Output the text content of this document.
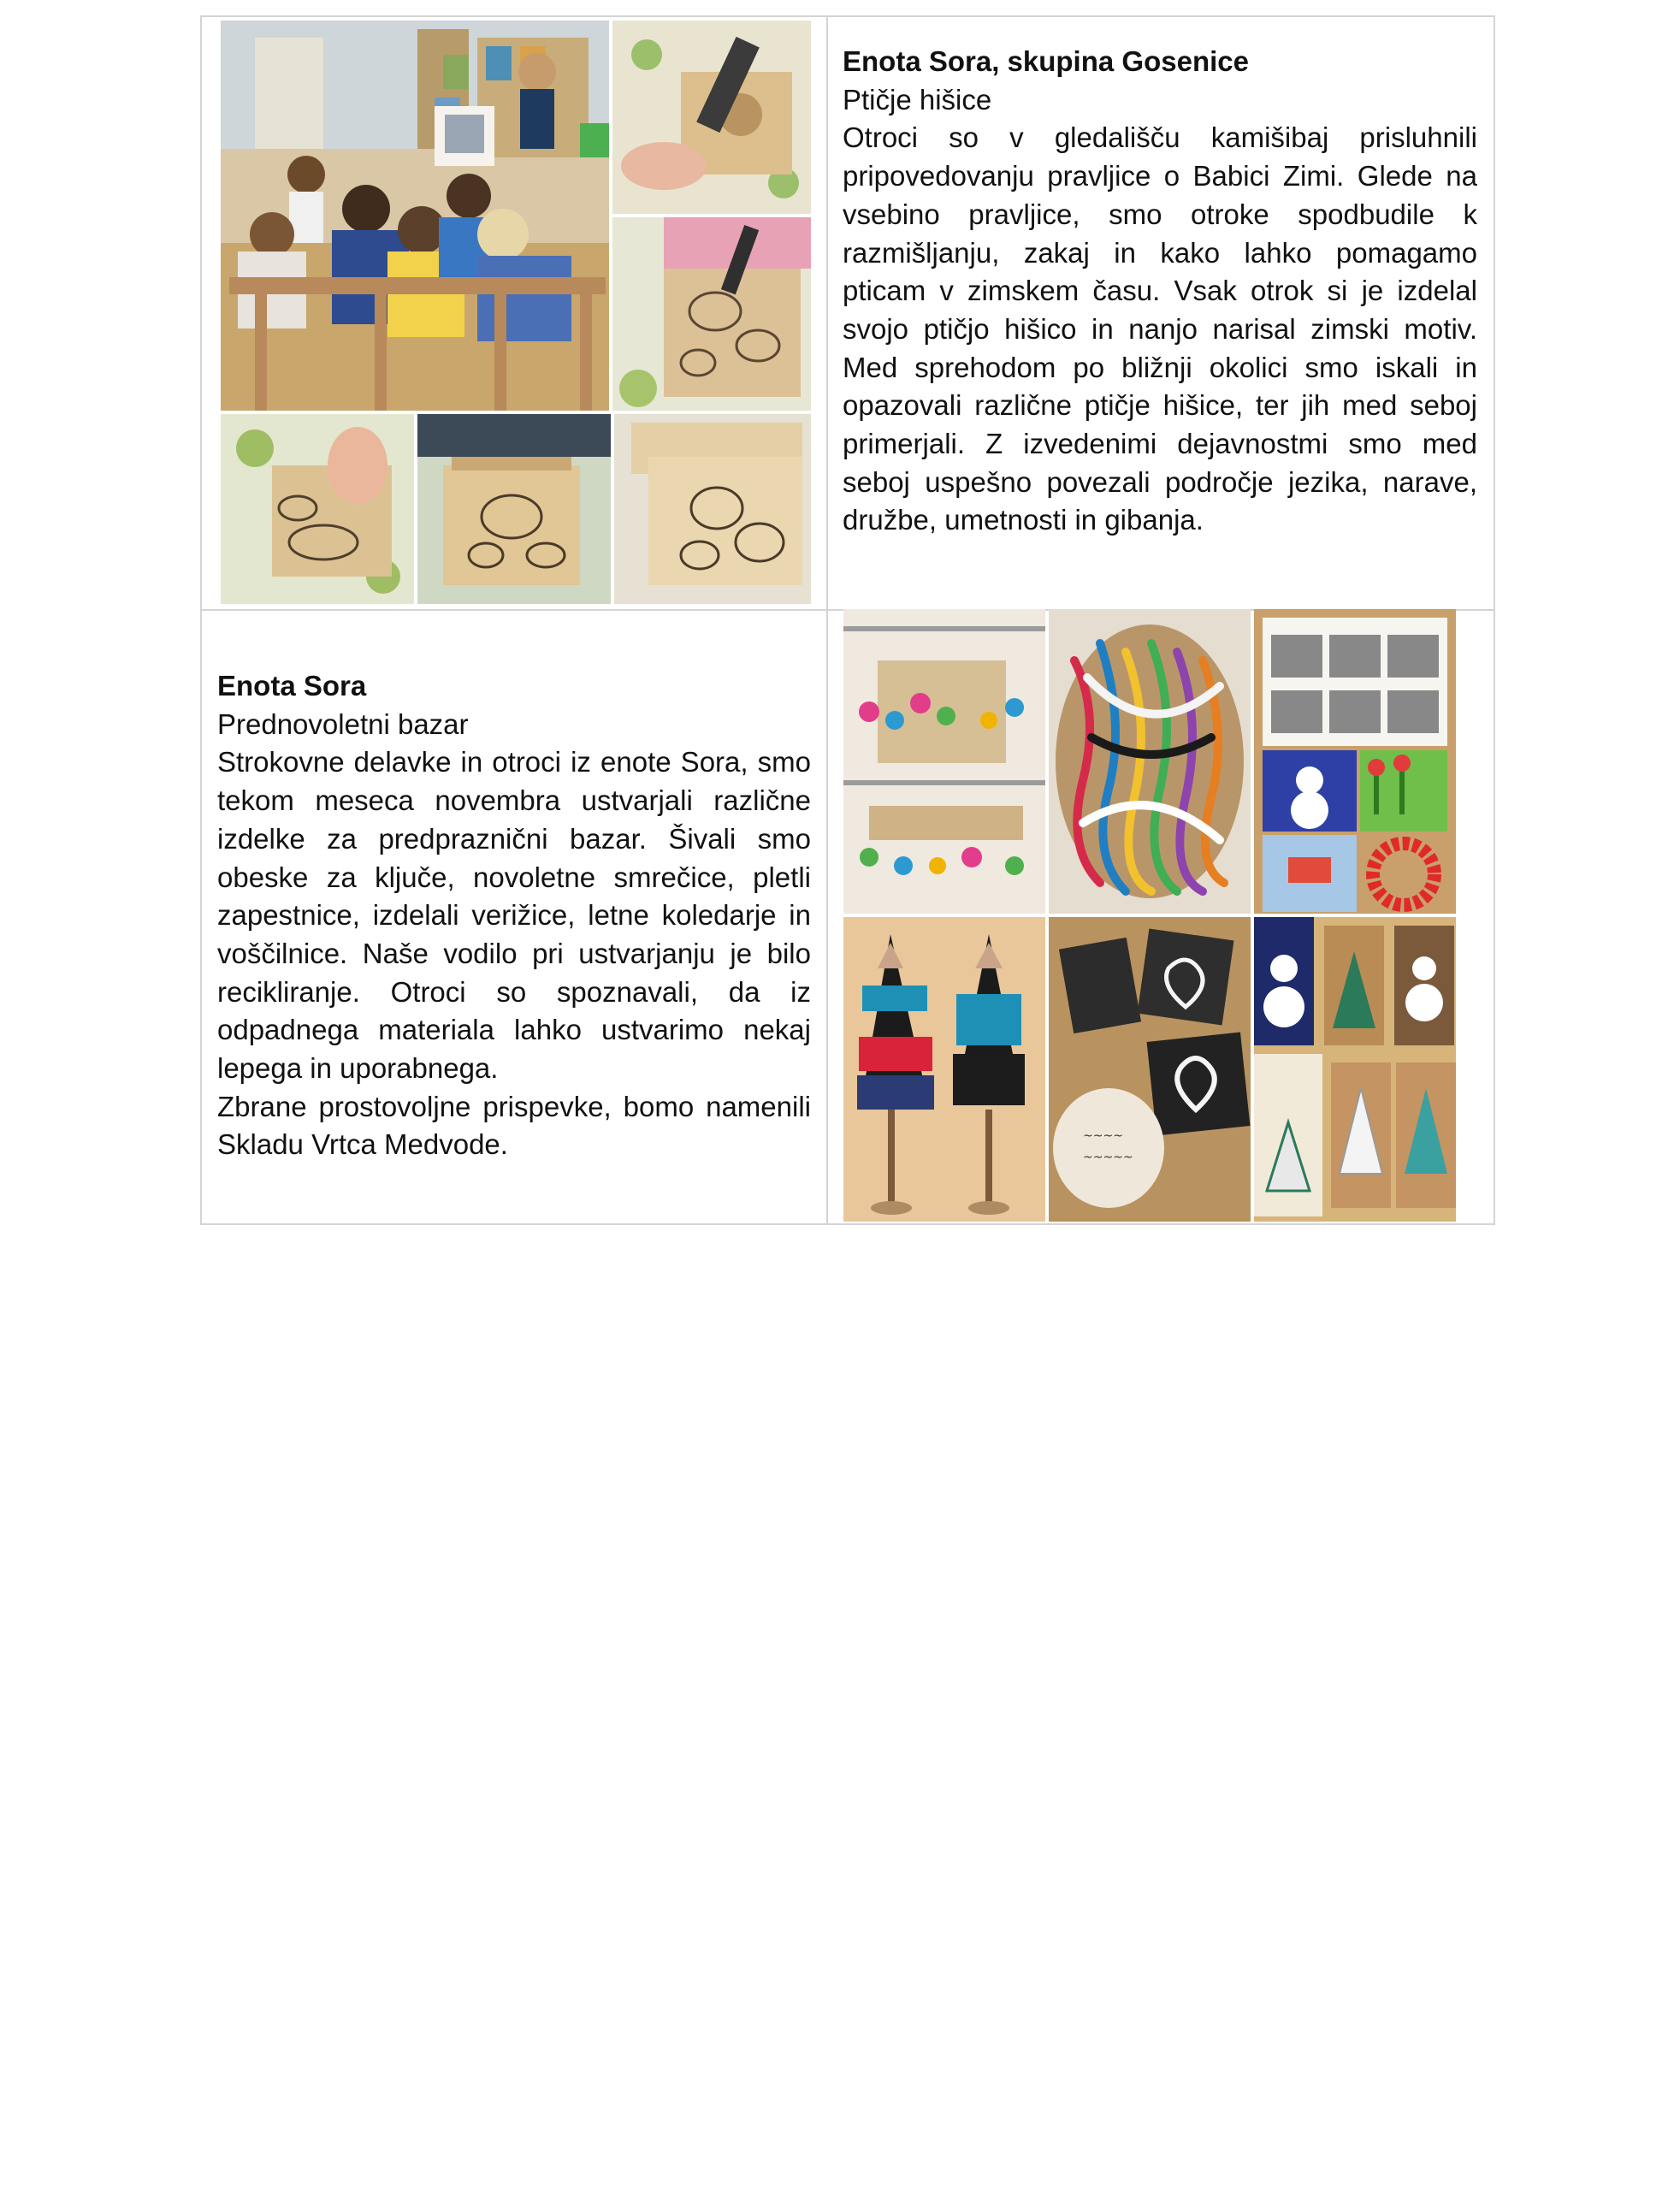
Enota Sora, skupina Gosenice
Ptičje hišice

Otroci so v gledališču kamišibaj prisluhnili pripovedovanju pravljice o Babici Zimi. Glede na vsebino pravljice, smo otroke spodbudile k razmišljanju, zakaj in kako lahko pomagamo pticam v zimskem času. Vsak otrok si je izdelal svojo ptičjo hišico in nanjo narisal zimski motiv. Med sprehodom po bližnji okolici smo iskali in opazovali različne ptičje hišice, ter jih med seboj primerjali. Z izvedenimi dejavnostmi smo med seboj uspešno povezali področje jezika, narave, družbe, umetnosti in gibanja.

Enota Sora
Prednovoletni bazar

Strokovne delavke in otroci iz enote Sora, smo tekom meseca novembra ustvarjali različne izdelke za predpraznični bazar. Šivali smo obeske za ključe, novoletne smrečice, pletli zapestnice, izdelali verižice, letne koledarje in voščilnice. Naše vodilo pri ustvarjanju je bilo recikliranje. Otroci so spoznavali, da iz odpadnega materiala lahko ustvarimo nekaj lepega in uporabnega.

Zbrane prostovoljne prispevke, bomo namenili Skladu Vrtca Medvode.	~~~~
~~~~~
